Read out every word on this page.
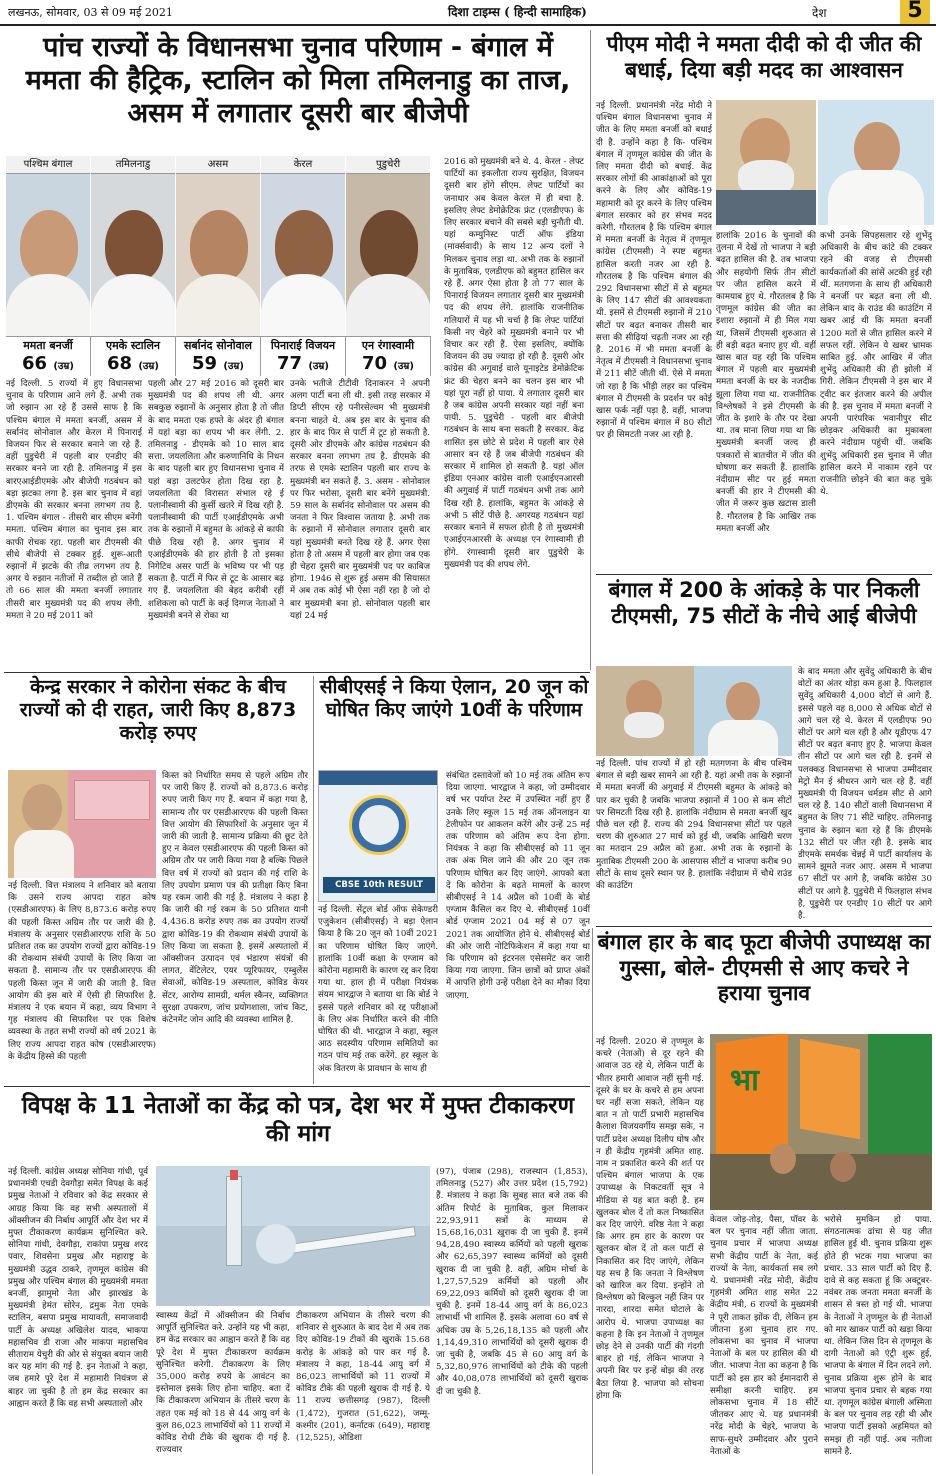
लखनऊ, सोमवार, 03 से 09 मई 2021	दिशा टाइम्स ( हिन्दी सामाहिक)	देश	5
पांच राज्यों के विधानसभा चुनाव परिणाम - बंगाल में ममता की हैट्रिक, स्टालिन को मिला तमिलनाडु का ताज, असम में लगातार दूसरी बार बीजेपी
पश्चिम बंगाल	तमिलनाडु	असम	केरल	पुडुचेरी
ममता बनर्जी
66 (उम्र)
एमके स्टालिन
68 (उम्र)
सर्बानंद सोनोवाल
59 (उम्र)
पिनाराई विजयन
77 (उम्र)
एन रंगास्वामी
70 (उम्र)
नई दिल्ली. 5 राज्यों में हुए विधानसभा चुनाव के परिणाम आने लगे हैं. अभी तक जो रुझान आ रहे हैं उससे साफ है कि पश्चिम बंगाल में ममता बनर्जी, असम में सर्बानंद सोनोवाल और केरल में पिनाराई विजयन फिर से सरकार बनाने जा रहे हैं. वहीं पुडुचेरी में पहली बार एनडीए की सरकार बनने जा रही है. तमिलनाडु में इस बारएआईडीएमके और बीजेपी गठबंधन को बड़ा झटका लगा है. इस बार चुनाव में वहां डीएमके की सरकार बनना लगभग तय है. 1. पश्चिम बंगाल - तीसरी बार सीएम बनेंगी ममता. पश्चिम बंगाल का चुनाव इस बार काफी रोचक रहा. पहली बार टीएमसी की सीधे बीजेपी से टक्कर हुई. शुरू-आती रुझानों में झटके की तीव्र लगभग तय है. अगर ये रुझान नतीजों में तब्दील हो जाते हैं तो 66 साल की ममता बनर्जी लगातार तीसरी बार मुख्यमंत्री पद की शपथ लेंगी. ममता ने 20 मई 2011 को
पहली और 27 मई 2016 को दूसरी बार मुख्यमंत्री पद की शपथ ली थी. अगर सबकुछ रुझानों के अनुसार होता है तो जीत के बाद ममता एक हफ्ते के अंदर ही बंगाल में यहां बड़ा का शपथ भी कर लेंगी. 2. तमिलनाडु - डीएमके को 10 साल बाद सत्ता. जयललिता और करुणानिधि के निधन के बाद पहली बार हुए विधानसभा चुनाव में यहां बड़ा उलटफेर होता दिख रहा है. जयललिता की विरासत संभाल रहे ई पलानीस्वामी की कुर्सी खतरे में दिख रही है. पलानीस्वामी की पार्टी एआईडीएमके अभी तक के रुझानों में बहुमत के आंकड़े से काफी पीछे दिख रही है. अगर चुनाव में एआईडीएमके की हार होती है तो इसका निगेटिव असर पार्टी के भविष्य पर भी पड़ सकता है. पार्टी में फिर से टूट के आसार बढ़ गए हैं. जयललिता की बेहद करीबी रहीं शशिकला को पार्टी के कई दिग्गज नेताओं ने मुख्यमंत्री बनने से रोका था
उनके भतीजे टीटीवी दिनाकरन ने अपनी अलग पार्टी बना ली थी. इसी तरह सरकार में डिप्टी सीएम रहे पनीरसेल्वम भी मुख्यमंत्री बनना चाहते थे. अब इस बार के चुनाव की हार के बाद फिर से पार्टी में टूट हो सकती है. दूसरी ओर डीएमके और कांग्रेस गठबंधन की सरकार बनना लगभग तय है. डीएमके की तरफ से एमके स्टालिन पहली बार राज्य के मुख्यमंत्री बन सकते हैं. 3. असम - सोनोवाल पर फिर भरोसा, दूसरी बार बनेंगे मुख्यमंत्री. 59 साल के सर्बानंद सोनोवाल पर असम की जनता ने फिर विश्वास जताया है. अभी तक के रुझानों में सोनोवाल लगातार दूसरी बार यहां मुख्यमंत्री बनते दिख रहे हैं. अगर ऐसा होता है तो असम में पहली बार होगा जब एक ही चेहरा दूसरी बार मुख्यमंत्री पद पर काबिज होगा. 1946 से शुरू हुई असम की सियासत में अब तक कोई भी ऐसा नहीं रहा है जो दो बार मुख्यमंत्री बना हो. सोनोवाल पहली बार यहां 24 मई
2016 को मुख्यमंत्री बने थे. 4. केरल - लेफ्ट पार्टियों का इकलौता राज्य सुरक्षित, विजयन दूसरी बार होंगे सीएम. लेफ्ट पार्टियों का जनाधार अब केवल केरल में ही बचा है. इसलिए लेफ्ट डेमोक्रेटिक फ्रंट (एलडीएफ) के लिए सरकार बचाने की सबसे बड़ी चुनौती थी. यहां कम्युनिस्ट पार्टी ऑफ इंडिया (मार्क्सवादी) के साथ 12 अन्य दलों ने मिलकर चुनाव लड़ा था. अभी तक के रुझानों के मुताबिक, एलडीएफ को बहुमत हासिल कर रहे हैं. अगर ऐसा होता है तो 77 साल के पिनाराई विजयन लगातार दूसरी बार मुख्यमंत्री पद की शपथ लेंगे. हालांकि राजनीतिक गलियारों में यह भी चर्चा है कि लेफ्ट पार्टियां किसी नए चेहरे को मुख्यमंत्री बनाने पर भी विचार कर रही हैं. ऐसा इसलिए, क्योंकि विजयन की उम्र ज्यादा हो रही है. दूसरी ओर कांग्रेस की अगुवाई वाले यूनाइटेड डेमोक्रेटिक फ्रंट की चेहरा बनने का चलन इस बार भी यहां पूरा नहीं हो पाया. ये लगातार दूसरी बार है जब कांग्रेस अपनी सरकार यहां नहीं बना पायी. 5. पुडुचेरी - पहली बार बीजेपी गठबंधन के साथ बना सकती है सरकार. केंद्र शासित इस छोटे से प्रदेश में पहली बार ऐसे आसार बन रहे हैं जब बीजेपी गठबंधन की सरकार में शामिल हो सकती है. यहां ऑल इंडिया एनआर कांग्रेस वाली एआईएनआरसी की अगुवाई में पार्टी गठबंधन अभी तक आगे दिख रही है. हालांकि, बहुमत के आंकड़े से अभी 5 सीटें पीछे है. अगरयह गठबंधन यहां सरकार बनाने में सफल होती है तो मुख्यमंत्री एआईएनआरसी के अध्यक्ष एन रंगास्वामी ही होंगे. रंगास्वामी दूसरी बार पुडुचेरी के मुख्यमंत्री पद की शपथ लेंगे.
पीएम मोदी ने ममता दीदी को दी जीत की बधाई, दिया बड़ी मदद का आश्वासन
नई दिल्ली. प्रधानमंत्री नरेंद्र मोदी ने पश्चिम बंगाल विधानसभा चुनाव में जीत के लिए ममता बनर्जी को बधाई दी है. उन्होंने कहा है कि- पश्चिम बंगाल में तृणमूल कांग्रेस की जीत के लिए ममता दीदी को बधाई. केंद्र सरकार लोगों की आकांक्षाओं को पूरा करने के लिए और कोविड-19 महामारी को दूर करने के लिए पश्चिम बंगाल सरकार को हर संभव मदद करेगी. गौरतलब है कि पश्चिम बंगाल में ममता बनर्जी के नेतृत्व में तृणमूल कांग्रेस (टीएमसी) ने स्पष्ट बहुमत हासिल करती नजर आ रही है. गौरतलब है कि पश्चिम बंगाल की 292 विधानसभा सीटों में से बहुमत के लिए 147 सीटों की आवश्यकता थी. इसमें से टीएमसी रुझानों में 210 सीटों पर बढ़त बनाकर तीसरी बार सत्ता की सीढ़ियां चढ़ती नजर आ रही है. 2016 में भी ममता बनर्जी के नेतृत्व में टीएमसी ने विधानसभा चुनाव में 211 सीटें जीती थीं. ऐसे में ममता जो रहा है कि भीड़ी लहर का पश्चिम बंगाल में टीएमसी के प्रदर्शन पर कोई खास फर्क नहीं पड़ा है. वहीं, भाजपा रुझानों में पश्चिम बंगाल में 80 सीटों पर ही सिमटती नजर आ रही है.
हालांकि 2016 के चुनावों की तुलना में देखें तो भाजपा ने बड़ी बढ़त हासिल की है. तब भाजपा और सहयोगी सिर्फ तीन सीटों पर जीत हासिल करने में कामयाब हुए थे. गौरतलब है कि तृणमूल कांग्रेस की जीत का इशारा रुझानों में ही मिल गया था, जिसमें टीएमसी शुरुआत से ही बड़ी बढ़त बनाए हुए थी. वहीं खास बात यह रही कि पश्चिम बंगाल में पहली बार मुख्यमंत्री ममता बनर्जी के घर के नजदीक झूला लिया गया था. राजनीतिक विश्लेषकों ने इसे टीएमसी के जीत के इशारे के तौर पर देखा था. तब माना लिया गया था कि मुख्यमंत्री बनर्जी जल्द ही पत्रकारों से बातचीत में जीत की घोषणा कर सकती हैं. हालांकि नंदीग्राम सीट पर हुई ममता बनर्जी की हार ने टीएमसी की जीत में जरूर कुछ खटास डाली है. गौरतलब है कि आखिर तक ममता बनर्जी और
कभी उनके सिपहसलार रहे शुभेंदु अधिकारी के बीच कांटे की टक्कर रहने की वजह से टीएमसी कार्यकर्ताओं की सांसें अटकी हुई रही थीं. मतगणना के साथ ही अधिकारी ने बनर्जी पर बढ़त बना ली थी. लेकिन बाद के राउंड की काउंटिंग में खबर आई थी कि ममता बनर्जी 1200 मतों से जीत हासिल करने में सफल रहीं. लेकिन ये खबर भ्रामक साबित हुई. और आखिर में जीत शुभेंदु अधिकारी की ही झोली में गिरी. लेकिन टीएमसी ने इस बार में ट्वीट कर इंतजार करने की अपील की है. इस चुनाव में ममता बनर्जी ने अपनी पारंपरिक भवानीपुर सीट छोड़कर अधिकारी का मुकाबला करने नंदीग्राम पहुंची थीं. जबकि शुभेंदु अधिकारी इस चुनाव में जीत हासिल करने में नाकाम रहने पर राजनीति छोड़ने की बात कह चुके थे.
बंगाल में 200 के आंकड़े के पार निकली टीएमसी, 75 सीटों के नीचे आई बीजेपी
नई दिल्ली. पांच राज्यों में हो रही मतगणना के बीच पश्चिम बंगाल से बड़ी खबर सामने आ रही है. यहां अभी तक के रुझानों में ममता बनर्जी की अगुवाई में टीएमसी बहुमत के आंकड़े को पार कर चुकी है जबकि भाजपा रुझानों में 100 से कम सीटों पर सिमटती दिख रही है. हालांकि नंदीग्राम से ममता बनर्जी खुद पीछे चल रही हैं. राज्य की 294 विधानसभा सीटों पर पहले चरण की शुरुआत 27 मार्च को हुई थी, जबकि आखिरी चरण का मतदान 29 अप्रैल को हुआ. अभी तक के रुझानों के मुताबिक टीएमसी 200 के आसपास सीटों व भाजपा करीब 90 सीटों के साथ दूसरे स्थान पर है. हालांकि नंदीग्राम में चौथे राउंड की काउंटिंग
के बाद ममता और सुवेंदु अधिकारी के बीच वोटों का अंतर थोड़ा कम हुआ है. फिलहाल सुवेंदु अधिकारी 4,000 वोटों से आगे हैं. इससे पहले वह 8,000 से अधिक वोटों से आगे चल रहे थे. केरल में एलडीएफ 90 सीटों पर आगे चल रही है और यूडीएफ 47 सीटों पर बढ़त बनाए हुए है. भाजपा केवल तीन सीटों पर आगे चल रही है. इनमें से पलक्कड़ विधानसभा से भाजपा उम्मीदवार मेट्रो मैन ई श्रीधरन आगे चल रहे हैं. वहीं मुख्यमंत्री पी विजयन धर्मडम सीट से आगे चल रहे हैं. 140 सीटों वाली विधानसभा में बहुमत के लिए 71 सीटें चाहिए. तमिलनाडु चुनाव के रुझान बता रहे हैं कि डीएमके 132 सीटों पर जीत रही है. इसके बाद डीएमके समर्थक चेन्नई में पार्टी कार्यालय के सामने झूमते नजर आए. असम में भाजपा 67 सीटों पर आगे है, जबकि कांग्रेस 30 सीटों पर आगे है. पुडुचेरी में फिलहाल संभव है, पुडुचेरी पर एनडीए 10 सीटों पर आगे है.
बंगाल हार के बाद फूटा बीजेपी उपाध्यक्ष का गुस्सा, बोले- टीएमसी से आए कचरे ने हराया चुनाव
नई दिल्ली. 2020 से तृणमूल के कचरे (नेताओं) से दूर रहने की आवाज उठ रहे थे, लेकिन पार्टी के भीतर हमारी आवाज नहीं सुनी गई. दूसरे के घर के कचरे से हम अपना घर नहीं सजा सकते, लेकिन यह बात न तो पार्टी प्रभारी महासचिव कैलाश विजयवर्गीय समझ सके, न पार्टी प्रदेश अध्यक्ष दिलीप घोष और न ही केंद्रीय गृहमंत्री अमित शाह. नाम न प्रकाशित करने की शर्त पर पश्चिम बंगाल भाजपा के एक उपाध्यक्ष के निकटवर्ती सूत्र ने मीडिया से यह बात कही है. हम खुलकर बोल दें तो कल निष्कासित कर दिए जाएंगे. वरिष्ठ नेता ने कहा कि अगर हम हार के कारण पर खुलकर बोल दें तो कल पार्टी से निकासित कर दिए जाएंगे, लेकिन यह सच है कि जनता ने विश्लेषण को खारिज कर दिया. इन्होंने तो विश्लेषण को बिल्कुल नहीं जिन पर नारदा, शारदा समेत घोटाले के आरोप थे. भाजपा उपाध्यक्ष का कहना है कि इन नेताओं ने तृणमूल छोड़ देने से उनकी पार्टी की गंदगी बाहर हो गई, लेकिन भाजपा ने अपनी बिर पर इन्हें बोझ की तरह बैठा लिया है. भाजपा को सोचना होगा कि
भा
केवल जोड़-तोड़, पैसा, पॉवर के बल पर चुनाव नहीं जीता जाता. चुनाव प्रचार में भाजपा अध्यक्ष सभी केंद्रीय पार्टी के नेता, कई राज्यों के नेता, कार्यकर्ता सब लगे थे. प्रधानमंत्री नरेंद्र मोदी, केंद्रीय गृहमंत्री अमित शाह समेत 22 केंद्रीय मंत्री, 6 राज्यों के मुख्यमंत्री ने पूरी ताकत झोंक दी, लेकिन हम जीतना हुआ चुनाव हार गए. लोकसभा का चुनाव में भाजपा नेताओं के बल पर हासिल की थी जीत. भाजपा नेता का कहना है कि पार्टी को इस हार को ईमानदारी से समीक्षा करनी चाहिए. हम लोकसभा चुनाव में 18 सीटें जीतकर आए थे. यह प्रधानमंत्री नरेंद्र मोदी के चेहरे, भाजपा के साफ-सुथरे उम्मीदवार और पुराने नेताओं के
भरोसे मुमकिन हो पाया. संगठनात्मक ढांचा से यह जीत हासिल हुई थी. चुनाव प्रक्रिया शुरू होते ही भटक गया भाजपा का प्रचार. 33 साल पार्टी को दिए हैं. दावे से कह सकता हूं कि अक्टूबर-नवंबर तक जनता ममता बनर्जी के शासन से त्रस्त हो गई थी. भाजपा के नेताओं ने तृणमूल के ही नेताओं को मार खाकर पार्टी को खड़ा किया था. लेकिन जिस दिन से तृणमूल के दागी नेताओं को एंट्री शुरू हुई, भाजपा के बंगाल में दिन लदने लगे. चुनाव प्रक्रिया शुरू होने के बाद भाजपा चुनाव प्रचार से बहक गया था. तृणमूल कांग्रेस बंगाली अस्मिता के बल पर चुनाव लड़ रही थी और भाजपा पार्टी इसको अहमियत को समझ ही नहीं पाई. अब नतीजा सामने है.
केन्द्र सरकार ने कोरोना संकट के बीच राज्यों को दी राहत, जारी किए 8,873 करोड़ रुपए
नई दिल्ली. वित्त मंत्रालय ने शनिवार को बताया कि उसने राज्य आपदा राहत कोष (एसडीआरएफ) के लिए 8,873.6 करोड़ रुपए की पहली किस्त अग्रिम तौर पर जारी की है. मंत्रालय के अनुसार एसडीआरएफ राशि के 50 प्रतिशत तक का उपयोग राज्यों द्वारा कोविड-19 की रोकथाम संबंधी उपायों के लिए किया जा सकता है. सामान्य तौर पर एसडीआरएफ की पहली किस्त जून में जारी की जाती है. वित्त आयोग की इस बारे में ऐसी ही सिफारिश है. मंत्रालय ने एक बयान में कहा, व्यय विभाग ने गृह मंत्रालय की सिफारिश पर एक विशेष व्यवस्था के तहत सभी राज्यों को वर्ष 2021 के लिए राज्य आपदा राहत कोष (एसडीआरएफ) के केंद्रीय हिस्से की पहली
किस्त को निर्धारित समय से पहले अग्रिम तौर पर जारी किए हैं. राज्यों को 8,873.6 करोड़ रुपए जारी किए गए हैं. बयान में कहा गया है, सामान्य तौर पर एसडीआरएफ की पहली किस्त वित्त आयोग की सिफारिशों के अनुसार जून में जारी की जाती है. सामान्य प्रक्रिया की छूट देते हुए न केवल एसडीआरएफ की पहली किस्त को अग्रिम तौर पर जारी किया गया है बल्कि पिछले वित्त वर्ष में राज्यों को प्रदान की गई राशि के लिए उपयोग प्रमाण पत्र की प्रतीक्षा किए बिना यह रकम जारी की गई है. मंत्रालय ने कहा है कि जारी की गई रकम के 50 प्रतिशत यानी 4,436.8 करोड़ रुपए तक का उपयोग राज्यों द्वारा कोविड-19 की रोकथाम संबंधी उपायों के लिए किया जा सकता है. इसमें अस्पतालों में ऑक्सीजन उत्पादन एवं भंडारण संयंत्रों की लागत, वेंटिलेटर, एयर प्यूरिफायर, एम्बुलेंस सेवाओं, कोविड-19 अस्पताल, कोविड केयर सेंटर, आरोग्य सामग्री, थर्मल स्कैनर, व्यक्तिगत सुरक्षा उपकरण, जांच प्रयोगशाला, जांच किट, कंटेनमेंट जोन आदि की व्यवस्था शामिल है.
सीबीएसई ने किया ऐलान, 20 जून को घोषित किए जाएंगे 10वीं के परिणाम
CBSE 10th RESULT
नई दिल्ली. सेंट्रल बोर्ड ऑफ सेकेण्डरी एजुकेशन (सीबीएसई) ने बड़ा ऐलान किया है कि 20 जून को 10वीं 2021 का परिणाम घोषित किए जाएंगे. हालांकि 10वीं कक्षा के एग्जाम को कोरोना महामारी के कारण रद्द कर दिया गया था. हाल ही में परीक्षा नियंत्रक संयम भारद्वाज ने बताया था कि बोर्ड ने इससे पहले शनिवार को रद्द परीक्षाओं के लिए अंक निर्धारित करने की नीति घोषित की थी. भारद्वाज ने कहा, स्कूल आठ सदस्यीय परिणाम समितियों का गठन पांच मई तक करेंगे. हर स्कूल के अंक वितरण के प्रावधान के साथ ही
संबंधित दस्तावेजों को 10 मई तक अंतिम रूप दिया जाएगा. भारद्वाज ने कहा, जो उम्मीदवार वर्ष भर पर्याप्त टेस्ट में उपस्थित नहीं हुए हैं उनके लिए स्कूल 15 मई तक ऑनलाइन या टेलीफोन पर आकलन करेंगे और उन्हें 25 मई तक परिणाम को अंतिम रूप देना होगा. नियंत्रक ने कहा कि सीबीएसई को 11 जून तक अंक मिल जाने की और 20 जून तक परिणाम घोषित कर दिए जाएंगे. आपको बता दें कि कोरोना के बढ़ते मामलों के कारण सीबीएसई ने 14 अप्रैल को 10वीं के बोर्ड एग्जाम कैंसिल कर दिए थे. सीबीएसई 10वीं बोर्ड एग्जाम 2021 04 मई से 07 जून 2021 तक आयोजित होने थे. सीबीएसई बोर्ड की ओर जारी नोटिफिकेशन में कहा गया था कि परिणाम को इंटरनल एसेसमेंट कर जारी किया गया जाएगा. जिन छात्रों को प्राप्त अंकों में आपत्ति होगी उन्हें परीक्षा देने का मौका दिया जाएगा.
विपक्ष के 11 नेताओं का केंद्र को पत्र, देश भर में मुफ्त टीकाकरण की मांग
नई दिल्ली. कांग्रेस अध्यक्ष सोनिया गांधी, पूर्व प्रधानमंत्री एचडी देवगौड़ा समेत विपक्ष के कई प्रमुख नेताओं ने रविवार को केंद्र सरकार से आग्रह किया कि वह सभी अस्पतालों में ऑक्सीजन की निर्बाध आपूर्ति और देश भर में मुफ्त टीकाकरण कार्यक्रम सुनिश्चित करे. सोनिया गांधी, देवगौड़ा, राकांपा प्रमुख शरद पवार, शिवसेना प्रमुख और महाराष्ट्र के मुख्यमंत्री उद्धव ठाकरे, तृणमूल कांग्रेस की प्रमुख और पश्चिम बंगाल की मुख्यमंत्री ममता बनर्जी, झामुमो नेता और झारखंड के मुख्यमंत्री हेमंत सोरेन, द्रमुक नेता एमके स्टालिन, बसपा प्रमुख मायावती, समाजवादी पार्टी के अध्यक्ष अखिलेश यादव, भाकपा महासचिव डी राजा और माकपा महासचिव सीताराम येचुरी की ओर से संयुक्त बयान जारी कर यह मांग की गई है. इन नेताओं ने कहा, जब हमारे पूरे देश में महामारी नियंत्रण से बाहर जा चुकी है तो हम केंद्र सरकार का आह्वान करते हैं कि वह सभी अस्पतालों और
स्वास्थ्य केंद्रों में ऑक्सीजन की निर्बाध आपूर्ति सुनिश्चित करे. उन्होंने यह भी कहा, हम केंद्र सरकार का आह्वान करते हैं कि वह पूरे देश में मुफ्त टीकाकरण कार्यक्रम सुनिश्चित करेगी. टीकाकरण के लिए 35,000 करोड़ रुपये के आवंटन का इस्तेमाल इसके लिए होना चाहिए. बता दें कि टीकाकरण अभियान के तीसरे चरण के तहत एक मई को 18 से 44 आयु वर्ग के कुल 86,023 लाभार्थियों को 11 राज्यों में कोविड रोधी टीके की खुराक दी गई है. राज्यवार
टीकाकरण अभियान के तीसरे चरण की शनिवार से शुरुआत के बाद देश में अब तक दिए कोविड-19 टीकों की खुराकें 15.68 करोड़ के आंकड़े को पार कर गई है. मंत्रालय ने कहा, 18-44 आयु वर्ग में 86,023 लाभार्थियों को 11 राज्यों में कोविड टीके की पहली खुराक दी गई है. ये 11 राज्य छत्तीसगढ़ (987), दिल्ली (1,472), गुजरात (51,622), जम्मू-कश्मीर (201), कर्नाटक (649), महाराष्ट्र (12,525), ओडिशा
(97), पंजाब (298), राजस्थान (1,853), तमिलनाडु (527) और उत्तर प्रदेश (15,792) हैं. मंत्रालय ने कहा कि सुबह सात बजे तक की अंतिम रिपोर्ट के मुताबिक, कुल मिलाकर 22,93,911 सत्रों के माध्यम से 15,68,16,031 खुराक दी जा चुकी हैं. इनमें 94,28,490 स्वास्थ्य कर्मियों को पहली खुराक और 62,65,397 स्वास्थ्य कर्मियों को दूसरी खुराक दी जा चुकी है. वहीं, अग्रिम मोर्चा के 1,27,57,529 कर्मियों को पहली और 69,22,093 कर्मियों को दूसरी खुराक दी जा चुकी है. इनमें 18-44 आयु वर्ग के 86,023 लाभार्थी भी शामिल हैं. इसके अलावा 60 वर्ष से अधिक उम्र के 5,26,18,135 को पहली और 1,14,49,310 लाभार्थियों को दूसरी खुराक दी जा चुकी है, जबकि 45 से 60 आयु वर्ग के 5,32,80,976 लाभार्थियों को टीके की पहली और 40,08,078 लाभार्थियों को दूसरी खुराक दी जा चुकी है.
